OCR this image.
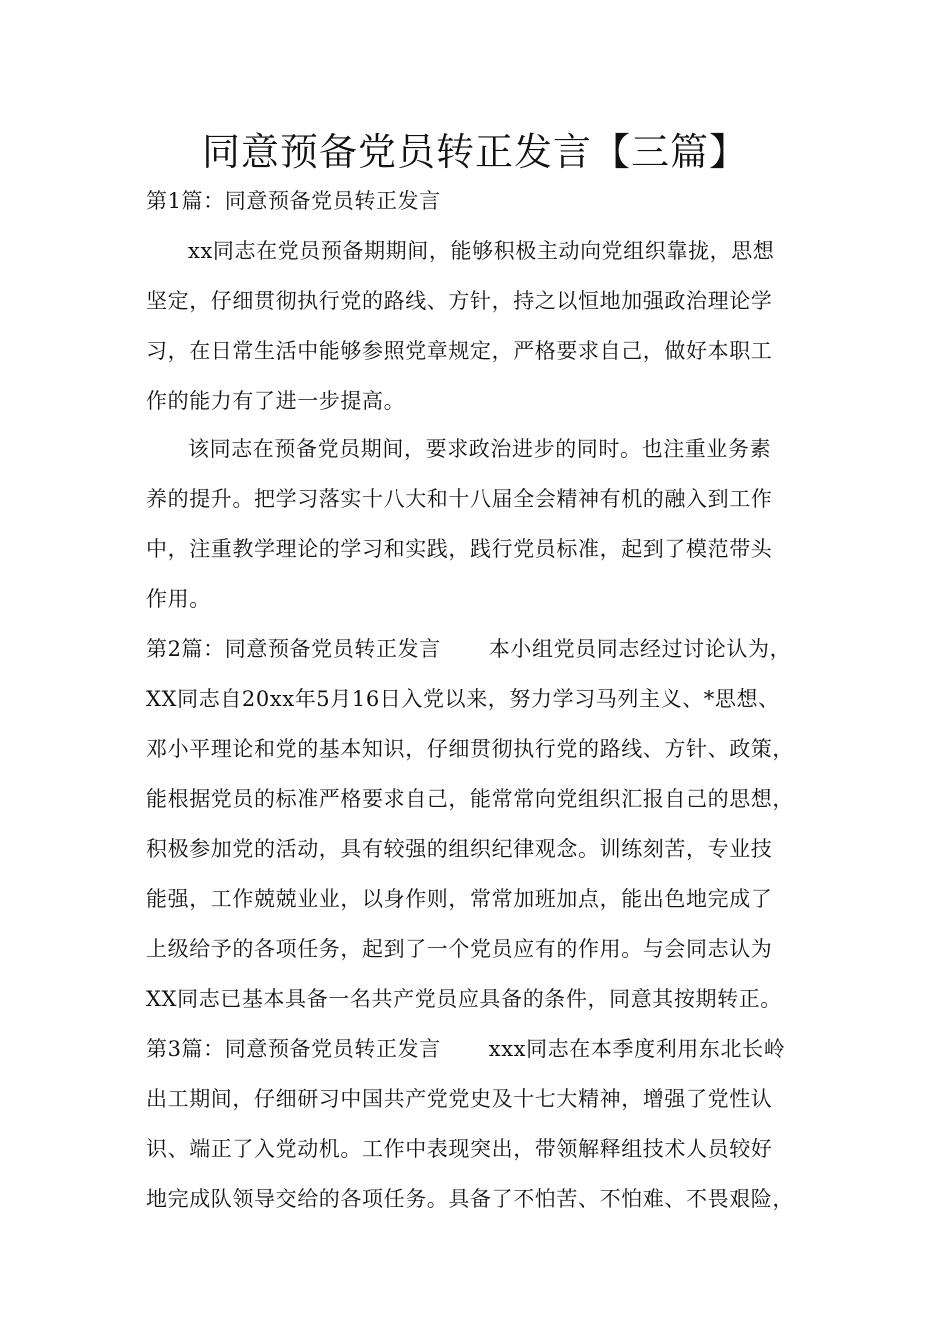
同意预备党员转正发言【三篇】
第1篇：同意预备党员转正发言
xx同志在党员预备期期间，能够积极主动向党组织靠拢，思想
坚定，仔细贯彻执行党的路线、方针，持之以恒地加强政治理论学
习，在日常生活中能够参照党章规定，严格要求自己，做好本职工
作的能力有了进一步提高。
该同志在预备党员期间，要求政治进步的同时。也注重业务素
养的提升。把学习落实十八大和十八届全会精神有机的融入到工作
中，注重教学理论的学习和实践，践行党员标准，起到了模范带头
作用。
第2篇：同意预备党员转正发言 本小组党员同志经过讨论认为，
XX同志自20xx年5月16日入党以来，努力学习马列主义、*思想、
邓小平理论和党的基本知识，仔细贯彻执行党的路线、方针、政策，
能根据党员的标准严格要求自己，能常常向党组织汇报自己的思想，
积极参加党的活动，具有较强的组织纪律观念。训练刻苦，专业技
能强，工作兢兢业业，以身作则，常常加班加点，能出色地完成了
上级给予的各项任务，起到了一个党员应有的作用。与会同志认为
XX同志已基本具备一名共产党员应具备的条件，同意其按期转正。
第3篇：同意预备党员转正发言 xxx同志在本季度利用东北长岭
出工期间，仔细研习中国共产党党史及十七大精神，增强了党性认
识、端正了入党动机。工作中表现突出，带领解释组技术人员较好
地完成队领导交给的各项任务。具备了不怕苦、不怕难、不畏艰险，
